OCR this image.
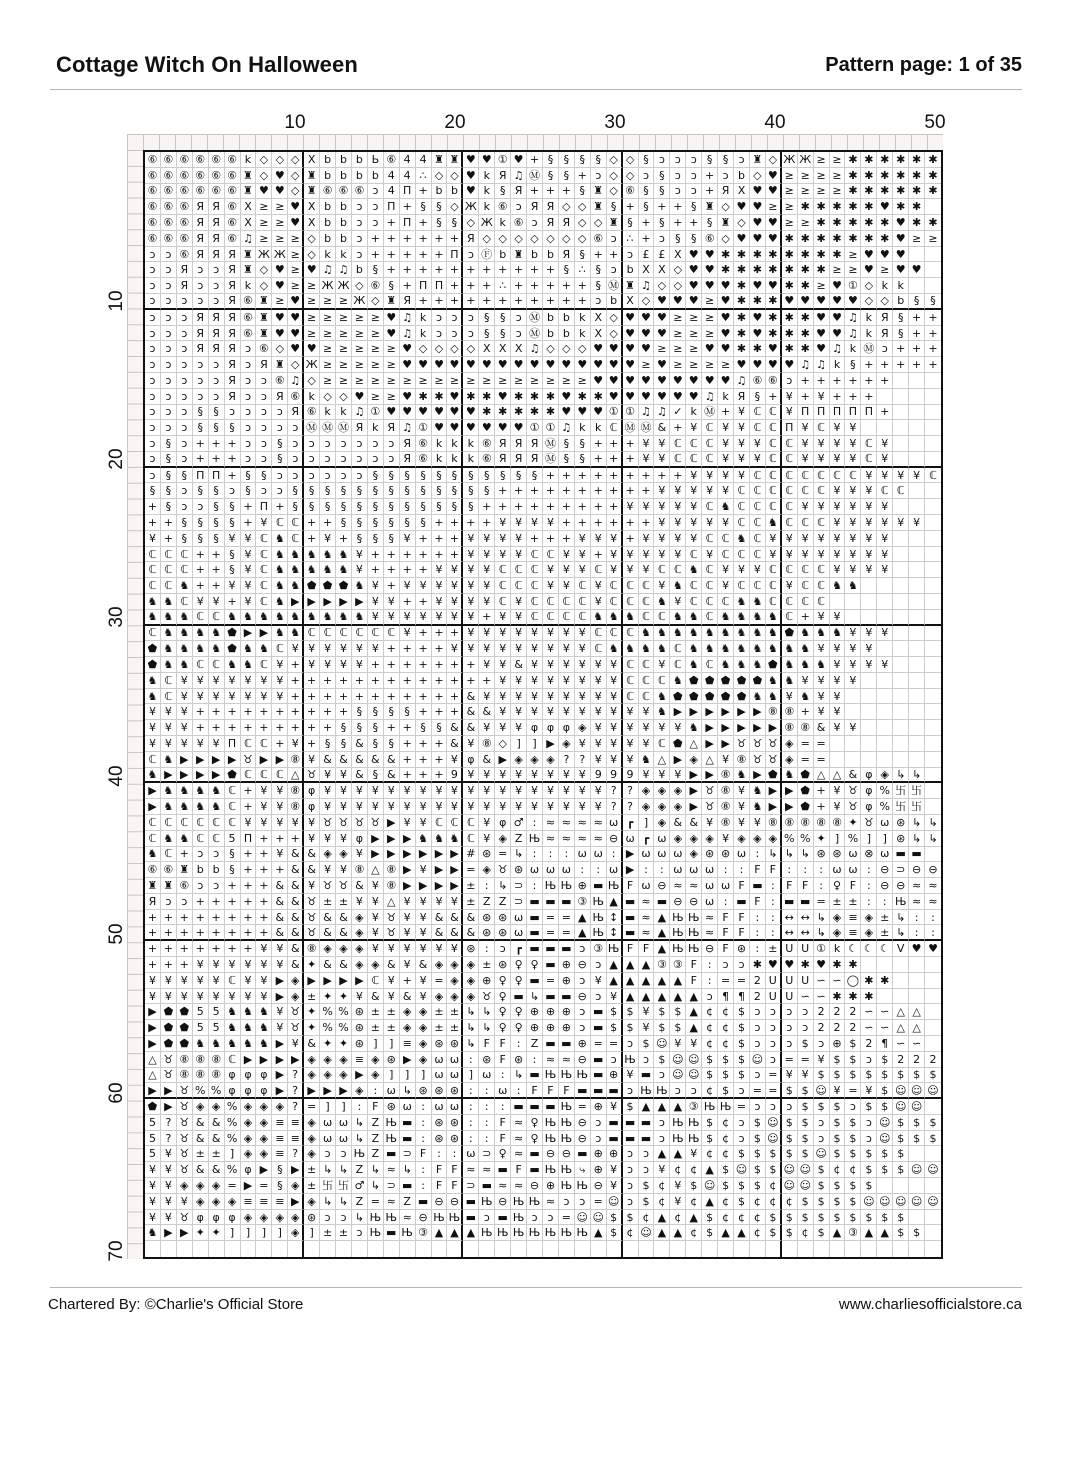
Cottage Witch On Halloween	Pattern page: 1 of 35
10	20	30	40	50
10
20
30
40
50
60
70
⑥ ⑥ ⑥ ⑥ ⑥ ⑥ k ◇ ◇ ◇ X b b b Ь ⑥ 4 4 ♜ ♜ ♥ ♥ ① ♥ + § § § § ◇ ◇ § ↄ ↄ ↄ § § ↄ ♜ ◇ Ж Ж ≥ ≥ ✱ ✱ ✱ ✱ ✱ ✱
⑥ ⑥ ⑥ ⑥ ⑥ ⑥ ♜ ◇ ♥ ◇ ♜ b b b b 4 4 ∴ ◇ ◇ ♥ k Я ♫ Ⓜ § § + ↄ ◇ ◇ ↄ § ↄ ↄ + ↄ b ◇ ♥ ≥ ≥ ≥ ≥ ✱ ✱ ✱ ✱ ✱ ✱
⑥ ⑥ ⑥ ⑥ ⑥ ⑥ ♜ ♥ ♥ ◇ ♜ ⑥ ⑥ ⑥ ↄ 4 Π + b b ♥ k § Я + + + § ♜ ◇ ⑥ § § ↄ ↄ + Я X ♥ ♥ ≥ ≥ ≥ ≥ ✱ ✱ ✱ ✱ ✱ ✱
⑥ ⑥ ⑥ Я Я ⑥ X ≥ ≥ ♥ X b b ↄ ↄ Π + § § ◇ Ж k ⑥ ↄ Я Я ◇ ◇ ♜ § + § + + § ♜ ◇ ♥ ♥ ≥ ≥ ✱ ✱ ✱ ✱ ✱ ♥ ✱ ✱
⑥ ⑥ ⑥ Я Я ⑥ X ≥ ≥ ♥ X b b ↄ ↄ + Π + § § ◇ Ж k ⑥ ↄ Я Я ◇ ◇ ♜ § + § + + § ♜ ◇ ♥ ♥ ≥ ≥ ✱ ✱ ✱ ✱ ✱ ♥ ✱ ✱
⑥ ⑥ ⑥ Я Я ⑥ ♫ ≥ ≥ ≥ ◇ b b ↄ + + + + + + Я ◇ ◇ ◇ ◇ ◇ ◇ ◇ ⑥ ↄ ∴ + ↄ § § ⑥ ◇ ♥ ♥ ♥ ✱ ✱ ✱ ✱ ✱ ✱ ✱ ♥ ≥ ≥
ↄ ↄ ⑥ Я Я Я ♜ Ж Ж ≥ ◇ k k ↄ + + + + + Π ↄ Ⓕ b ♜ b b Я § + + ↄ £ £ X ♥ ♥ ✱ ✱ ✱ ✱ ✱ ✱ ✱ ✱ ≥ ♥ ♥ ♥
ↄ ↄ Я ↄ ↄ Я ♜ ◇ ♥ ≥ ♥ ♫ ♫ b § + + + + + + + + + + + § ∴ § ↄ b X X ◇ ♥ ♥ ✱ ✱ ✱ ✱ ✱ ✱ ✱ ≥ ≥ ♥ ≥ ♥ ♥
ↄ ↄ Я ↄ ↄ Я k ◇ ♥ ≥ ≥ Ж Ж ◇ ⑥ § + Π Π + + + ∴ + + + + + § Ⓜ ♜ ♫ ◇ ◇ ♥ ♥ ♥ ✱ ♥ ♥ ✱ ✱ ≥ ♥ ① ◇ k k
ↄ ↄ ↄ ↄ ↄ Я ⑥ ♜ ≥ ♥ ≥ ≥ ≥ Ж ◇ ♜ Я + + + + + + + + + + + ↄ b X ◇ ♥ ♥ ♥ ≥ ♥ ✱ ✱ ✱ ♥ ♥ ♥ ♥ ♥ ◇ ◇ b § §
ↄ ↄ ↄ Я Я Я ⑥ ♜ ♥ ♥ ≥ ≥ ≥ ≥ ≥ ♥ ♫ k ↄ ↄ ↄ § § ↄ Ⓜ b b k X ◇ ♥ ♥ ♥ ≥ ≥ ≥ ♥ ✱ ♥ ✱ ✱ ✱ ♥ ♥ ♫ k Я § + +
ↄ ↄ ↄ Я Я Я ⑥ ♜ ♥ ♥ ≥ ≥ ≥ ≥ ≥ ♥ ♫ k ↄ ↄ ↄ § § ↄ Ⓜ b b k X ◇ ♥ ♥ ♥ ≥ ≥ ≥ ♥ ✱ ♥ ✱ ✱ ✱ ♥ ♥ ♫ k Я § + +
ↄ ↄ ↄ Я Я Я ↄ ⑥ ◇ ♥ ♥ ≥ ≥ ≥ ≥ ≥ ♥ ◇ ◇ ◇ ◇ X X X ♫ ◇ ◇ ◇ ♥ ♥ ♥ ♥ ≥ ≥ ≥ ♥ ♥ ✱ ✱ ♥ ✱ ✱ ♥ ♫ k Ⓜ ↄ + + +
ↄ ↄ ↄ ↄ ↄ Я ↄ Я ♜ ◇ Ж ≥ ≥ ≥ ≥ ≥ ♥ ♥ ♥ ♥ ♥ ♥ ♥ ♥ ♥ ♥ ♥ ♥ ♥ ♥ ♥ ≥ ♥ ≥ ≥ ≥ ≥ ♥ ♥ ♥ ♥ ♫ ♫ k § + + + + +
ↄ ↄ ↄ ↄ ↄ Я ↄ ↄ ⑥ ♫ ◇ ≥ ≥ ≥ ≥ ≥ ≥ ≥ ≥ ≥ ≥ ≥ ≥ ≥ ≥ ≥ ≥ ≥ ♥ ♥ ♥ ♥ ♥ ♥ ♥ ♥ ♥ ♫ ⑥ ⑥ ↄ + + + + + +
ↄ ↄ ↄ ↄ ↄ Я ↄ ↄ Я ⑥ k ◇ ◇ ♥ ≥ ≥ ♥ ✱ ✱ ♥ ✱ ✱ ♥ ✱ ✱ ✱ ♥ ✱ ✱ ♥ ♥ ♥ ♥ ♥ ♥ ♫ k Я § + ¥ + ¥ + + +
ↄ ↄ ↄ § § ↄ ↄ ↄ ↄ Я ⑥ k k ♫ ① ♥ ♥ ♥ ♥ ♥ ♥ ✱ ✱ ✱ ✱ ✱ ♥ ♥ ♥ ① ① ♫ ♫ ✓ k Ⓜ + ¥ ℂ ℂ ¥ Π Π Π Π Π +
ↄ ↄ ↄ § § § ↄ ↄ ↄ ↄ Ⓜ Ⓜ Ⓜ Я k Я ♫ ① ♥ ♥ ♥ ♥ ♥ ♥ ① ① ♫ k k ℂ Ⓜ Ⓜ & + ¥ ℂ ¥ ¥ ℂ ℂ Π ¥ ℂ ¥ ¥
ↄ § ↄ + + + ↄ ↄ § ↄ ↄ ↄ ↄ ↄ ↄ ↄ Я ⑥ k k k ⑥ Я Я Я Ⓜ § § + + + ¥ ¥ ℂ ℂ ℂ ¥ ¥ ¥ ℂ ℂ ¥ ¥ ¥ ¥ ℂ ¥
ↄ § ↄ + + + ↄ ↄ § ↄ ↄ ↄ ↄ ↄ ↄ ↄ Я ⑥ k k k ⑥ Я Я Я Ⓜ § § + + + ¥ ¥ ℂ ℂ ℂ ¥ ¥ ¥ ℂ ℂ ¥ ¥ ¥ ¥ ℂ ¥
ↄ § § Π Π + § § ↄ ↄ ↄ ↄ ↄ ↄ § § § § § § § § § § § + + + + + + + + + ¥ ¥ ¥ ¥ ℂ ℂ ℂ ℂ ℂ ℂ ℂ ¥ ¥ ¥ ¥ ℂ
§ § ↄ § § ↄ § ↄ ↄ § § § § § § § § § § § § § + + + + + + + + + + ¥ ¥ ¥ ¥ ¥ ℂ ℂ ℂ ℂ ℂ ℂ ¥ ¥ ¥ ℂ ℂ
+ § ↄ ↄ § § + Π + § § § § § § § § § § § § + + + + + + + + + ¥ ¥ ¥ ¥ ¥ ℂ ♞ ℂ ℂ ℂ ℂ ¥ ¥ ¥ ¥ ¥ ¥
+ + § § § § + ¥ ℂ ℂ + + § § § § § § + + + + ¥ ¥ ¥ ¥ + + + + + + ¥ ¥ ¥ ¥ ¥ ℂ ℂ ♞ ℂ ℂ ℂ ¥ ¥ ¥ ¥ ¥ ¥
¥ + § § § ¥ ¥ ℂ ♞ ℂ + ¥ + § § § ¥ + + + ¥ ¥ ¥ ¥ + + + ¥ ¥ ¥ + ¥ ¥ ¥ ¥ ℂ ℂ ♞ ℂ ¥ ¥ ¥ ¥ ¥ ¥ ¥ ¥
ℂ ℂ ℂ + + § ¥ ℂ ♞ ♞ ♞ ♞ ♞ ¥ + + + + + + ¥ ¥ ¥ ¥ ℂ ℂ ¥ ¥ + ¥ ¥ ¥ ¥ ¥ ℂ ¥ ℂ ℂ ℂ ¥ ¥ ¥ ¥ ¥ ¥ ¥ ¥
ℂ ℂ ℂ + + § ¥ ℂ ♞ ♞ ♞ ♞ ♞ ¥ + + + + ¥ ¥ ¥ ¥ ℂ ℂ ℂ ¥ ¥ ¥ ℂ ¥ ¥ ¥ ℂ ℂ ♞ ℂ ¥ ¥ ¥ ℂ ℂ ℂ ℂ ¥ ¥ ¥ ¥
ℂ ℂ ♞ + + ¥ ¥ ℂ ♞ ♞ ⬟ ⬟ ⬟ ♞ ¥ + ¥ ¥ ¥ ¥ ¥ ¥ ℂ ℂ ℂ ¥ ¥ ℂ ¥ ℂ ℂ ℂ ¥ ♞ ℂ ℂ ¥ ℂ ℂ ℂ ¥ ℂ ℂ ♞ ♞
♞ ♞ ℂ ¥ ¥ + ¥ ℂ ♞ ▶ ▶ ▶ ▶ ▶ ¥ ¥ + + ¥ ¥ ¥ ¥ ℂ ¥ ℂ ℂ ℂ ℂ ¥ ℂ ℂ ℂ ♞ ¥ ℂ ℂ ℂ ♞ ♞ ℂ ℂ ℂ ℂ
♞ ♞ ♞ ℂ ℂ ♞ ♞ ♞ ♞ ♞ ♞ ♞ ♞ ♞ ¥ ¥ ¥ ¥ ¥ ¥ ¥ + ¥ ¥ ℂ ℂ ℂ ℂ ♞ ♞ ♞ ℂ ℂ ♞ ♞ ℂ ♞ ♞ ♞ ♞ ℂ + ¥ ¥
ℂ ♞ ♞ ♞ ♞ ⬟ ▶ ▶ ♞ ♞ ℂ ℂ ℂ ℂ ℂ ℂ ¥ + + + ¥ ¥ ¥ ¥ ¥ ¥ ¥ ¥ ℂ ℂ ℂ ♞ ♞ ♞ ♞ ♞ ♞ ♞ ♞ ♞ ⬟ ♞ ♞ ♞ ¥ ¥ ¥
⬟ ♞ ♞ ♞ ♞ ⬟ ♞ ♞ ℂ ¥ ¥ ¥ ¥ ¥ ¥ + + + + ¥ ¥ ¥ ¥ ¥ ¥ ¥ ¥ ¥ ℂ ♞ ♞ ♞ ♞ ℂ ♞ ♞ ♞ ♞ ♞ ♞ ♞ ♞ ¥ ¥ ¥ ¥
⬟ ♞ ♞ ℂ ℂ ♞ ♞ ℂ ¥ + ¥ ¥ ¥ ¥ + + + + + + + ¥ ¥ & ¥ ¥ ¥ ¥ ¥ ¥ ℂ ℂ ¥ ℂ ♞ ℂ ♞ ♞ ♞ ⬟ ♞ ♞ ♞ ¥ ¥ ¥ ¥
♞ ℂ ¥ ¥ ¥ ¥ ¥ ¥ ¥ + + + + + + + + + + + + + ¥ ¥ ¥ ¥ ¥ ¥ ¥ ¥ ℂ ℂ ℂ ♞ ⬟ ⬟ ⬟ ⬟ ⬟ ♞ ♞ ¥ ¥ ¥ ¥
♞ ℂ ¥ ¥ ¥ ¥ ¥ ¥ ¥ + + + + + + + + + + + & ¥ ¥ ¥ ¥ ¥ ¥ ¥ ¥ ¥ ℂ ℂ ♞ ⬟ ⬟ ⬟ ⬟ ⬟ ♞ ♞ ¥ ♞ ¥ ¥
¥ ¥ ¥ + + + + + + + + + + § § § § + + + & & ¥ ¥ ¥ ¥ ¥ ¥ ¥ ¥ ¥ ¥ ♞ ▶ ▶ ▶ ▶ ▶ ▶ ⑧ ⑧ + ¥ ¥
¥ ¥ ¥ + + + + + + + + + § § § + + § § & & ¥ ¥ ¥ φ φ φ ◈ ¥ ¥ ¥ ¥ ¥ ¥ ♞ ▶ ▶ ▶ ▶ ▶ ⑧ ⑧ & ¥ ¥
¥ ¥ ¥ ¥ ¥ Π ℂ ℂ + ¥ + § § & § § + + + & ¥ ⑧ ◇ ]	] ▶ ◈ ¥ ¥ ¥ ¥ ¥ ℂ ⬟ △ ▶ ▶ ♉ ♉ ♉ ◈ = =
ℂ ♞ ▶ ▶ ▶ ▶ ♉ ▶ ▶ ⑧ ¥ & & & & & + + + ¥ φ & ▶ ◈ ◈ ◈ ? ? ¥ ¥ ¥ ♞ △ ▶ ◈ △ ¥ ⑧ ♉ ♉ ◈ = =
♞ ▶ ▶ ▶ ▶ ⬟ ℂ ℂ ℂ △ ♉ ¥ ¥ & § & + + + 9 ¥ ¥ ¥ ¥ ¥ ¥ ¥ ¥ 9 9 9 ¥ ¥ ¥ ▶ ▶ ⑧ ♞ ▶ ⬟ ♞ ⬟ △ △ & φ ◈ ↳ ↳
▶ ♞ ♞ ♞ ♞ ℂ + ¥ ¥ ⑧ φ ¥ ¥ ¥ ¥ ¥ ¥ ¥ ¥ ¥ ¥ ¥ ¥ ¥ ¥ ¥ ¥ ¥ ¥ ? ? ◈ ◈ ◈ ▶ ♉ ⑧ ¥ ♞ ▶ ▶ ⬟ + ¥ ♉ φ % 卐 卐
▶ ♞ ♞ ♞ ♞ ℂ + ¥ ¥ ⑧ φ ¥ ¥ ¥ ¥ ¥ ¥ ¥ ¥ ¥ ¥ ¥ ¥ ¥ ¥ ¥ ¥ ¥ ¥ ? ? ◈ ◈ ◈ ▶ ♉ ⑧ ¥ ♞ ▶ ▶ ⬟ + ¥ ♉ φ % 卐 卐
ℂ ℂ ℂ ℂ ℂ ℂ ¥ ¥ ¥ ¥ ¥ ♉ ♉ ♉ ♉ ▶ ¥ ¥ ℂ ℂ ℂ ¥ φ ♂ : ≈ ≈ ≈ ≈ ω ┏ ] ◈ & & ¥ ⑧ ¥ ¥ ⑧ ⑧ ⑧ ⑧ ⑧ ✦ ♉ ω ⊛ ↳ ↳
ℂ ♞ ♞ ℂ ℂ 5 Π + + + ¥ ¥ ¥ φ ▶ ▶ ▶ ♞ ♞ ♞ ℂ ¥ ◈ Z Њ ≈ ≈ ≈ ≈ ⊖ ω ┏ ω ◈ ◈ ◈ ¥ ◈ ◈ ◈ % % ✦ ] % ]	] ⊛ ↳ ↳
♞ ℂ + ↄ ↄ § + + ¥ & & ◈ ◈ ¥ ▶ ▶ ▶ ▶ ▶ ▶ # ⊛ = ↳ :	:	: ω ω : ▶ ω ω ω ◈ ⊛ ⊛ ω : ↳ ↳ ↳ ⊛ ⊛ ω ⊗ ω ▬ ▬
⑥ ⑥ ♜ b b § + + + & & ¥ ¥ ⑧ △ ⑧ ▶ ¥ ▶ ▶ = ◈ ♉ ⊛ ω ω ω :	: ω ▶ :	: ω ω ω :	: F F	:	:	: ω ω : ⊖ ⊃ ⊖ ⊖
♜ ♜ ⑥ ↄ ↄ + + + & & ¥ ♉ ♉ & ¥ ⑧ ▶ ▶ ▶ ▶ ± : ↳ ⊃ : Њ Њ ⊕ ▬ Њ F ω ⊖ ≈ ≈ ω ω F ▬ :	F F : ♀ F : ⊖ ⊖ ≈ ≈
Я ↄ ↄ + + + + + & & ♉ ± ± ¥ ¥ △ ¥ ¥ ¥ ¥ ± Z Z ⊃ ▬ ▬ ▬ ③ Њ ▲ ▬ ≈ ▬ ⊖ ⊖ ω : ▬ F : ▬ ▬ = ± ± :	: Њ ≈ ≈
+ + + + + + + + & & ♉ & & ◈ ¥ ♉ ¥ ¥ & & & ⊛ ⊛ ω ▬ = = ▲ Њ ↕ ▬ ≈ ▲ Њ Њ ≈ F F :	: ↔ ↔ ↳ ◈ ≡ ◈ ± ↳ :	:
+ + + + + + + + & & ♉ & & ◈ ¥ ♉ ¥ ¥ & & & ⊛ ⊛ ω ▬ = = ▲ Њ ↕ ▬ ≈ ▲ Њ Њ ≈ F F :	: ↔ ↔ ↳ ◈ ≡ ◈ ± ↳ :	:
+ + + + + + + ¥ ¥ & ⑧ ◈ ◈ ◈ ¥ ¥ ¥ ¥ ¥ ¥ ⊛ :	ↄ ┏ ▬ ▬ ▬ ↄ ③ Њ F F ▲ Њ Њ ⊖ F ⊛ : ± U U ① k ☾ ☾ ☾ V ♥ ♥
+ + + ¥ ¥ ¥ ¥ ¥ ¥ & ✦ & & ◈ ◈ & ¥ & ◈ ◈ ◈ ± ⊛ ♀ ♀ ▬ ⊕ ⊖ ↄ ▲ ▲ ▲ ③ ③ F :	ↄ ↄ ✱ ♥ ♥ ✱ ♥ ✱ ✱
¥ ¥ ¥ ¥ ¥ ℂ ¥ ¥ ▶ ◈ ▶ ▶ ▶ ▶ ℂ ¥ + ¥ = ◈ ◈ ⊕ ♀ ♀ ▬ = ⊕ ↄ ¥ ▲ ▲ ▲ ▲ ▲ F : = = 2 U U U ∽ ∽ ◯ ✱ ✱
¥ ¥ ¥ ¥ ¥ ¥ ¥ ¥ ▶ ◈ ± ✦ ✦ ¥ & ¥ & ¥ ◈ ◈ ◈ ♉ ♀ ▬ ↳ ▬ ▬ ⊖ ↄ ¥ ▲ ▲ ▲ ▲ ▲ ↄ ¶ ¶ 2 U U ∽ ∽ ✱ ✱ ✱
▶ ⬟ ⬟ 5 5 ♞ ♞ ♞ ¥ ♉ ✦ % % ⊛ ± ± ◈ ◈ ± ± ↳ ↳ ♀ ♀ ⊕ ⊕ ⊕ ↄ ▬ $ $ ¥ $ $ ▲ ¢ ¢ $ ↄ ↄ ↄ ↄ 2 2 2 ∽ ∽ △ △
▶ ⬟ ⬟ 5 5 ♞ ♞ ♞ ¥ ♉ ✦ % % ⊛ ± ± ◈ ◈ ± ± ↳ ↳ ♀ ♀ ⊕ ⊕ ⊕ ↄ ▬ $ $ ¥ $ $ ▲ ¢ ¢ $ ↄ ↄ ↄ ↄ 2 2 2 ∽ ∽ △ △
▶ ⬟ ⬟ ♞ ♞ ♞ ♞ ♞ ▶ ¥ & ✦ ✦ ⊛ ]	] ≡ ◈ ⊛ ⊛ ↳ F F : Z ▬ ▬ ⊕ = = ↄ $ ☺ ¥ ¥ ¢ ¢ $ ↄ ↄ ↄ $ ↄ ⊕ $ 2 ¶ ∽ ∽
△ ♉ ⑧ ⑧ ⑧ ℂ ▶ ▶ ▶ ▶ ◈ ◈ ◈ ≡ ◈ ⊛ ▶ ◈ ω ω : ⊛ F ⊛ : ≈ ≈ ⊖ ▬ ↄ Њ ↄ $ ☺ ☺ $ $ $ ☺ ↄ = = ¥ $ $ ↄ $ 2 2 2
△ ♉ ⑧ ⑧ ⑧ φ φ φ ▶ ? ◈ ◈ ◈ ▶ ◈ ]	]	] ω ω ] ω : ↳ ▬ Њ Њ Њ ▬ ⊕ ¥ ▬ ↄ ☺ ☺ $ $ $ ↄ = ¥ ¥ $ $ $ $ $ $ $ $
▶ ▶ ♉ % % φ φ φ ▶ ? ▶ ▶ ▶ ◈ : ω ↳ ⊛ ⊛ ⊛ :	: ω : F F F ▬ ▬ ▬ ↄ Њ Њ ↄ ↄ ¢ $ ↄ = = $ $ ☺ ¥ = ¥ $ ☺ ☺ ☺
⬟ ▶ ♉ ◈ ◈ % ◈ ◈ ◈ ? = ]	]	: F ⊛ ω : ω ω :	:	: ▬ ▬ ▬ Њ = ⊕ ¥ $ ▲ ▲ ▲ ③ Њ Њ = ↄ ↄ ↄ $ $ $ ↄ $ $ ☺ ☺
5 ? ♉ & & % ◈ ◈ ≡ ≡ ◈ ω ω ↳ Z Њ ▬ : ⊛ ⊛ :	: F ≈ ♀ Њ Њ ⊖ ↄ ▬ ▬ ▬ ↄ Њ Њ $ ¢ ↄ $ ☺ $ $ ↄ $ $ ↄ ☺ $ $ $
5 ? ♉ & & % ◈ ◈ ≡ ≡ ◈ ω ω ↳ Z Њ ▬ : ⊛ ⊛ :	: F ≈ ♀ Њ Њ ⊖ ↄ ▬ ▬ ▬ ↄ Њ Њ $ ¢ ↄ $ ☺ $ $ ↄ $ $ ↄ ☺ $ $ $
5 ¥ ♉ ± ± ] ◈ ◈ ≡ ? ◈ ↄ ↄ Њ Z ▬ ⊃ F :	: ω ⊃ ♀ ≈ ▬ ⊖ ⊖ ▬ ⊕ ⊕ ↄ ↄ ▲ ▲ ¥ ¢ ¢ $ $ $ $ $ ☺ $ $ $ $ $
¥ ¥ ♉ & & % φ ▶ § ▶ ± ↳ ↳ Z ↳ ≈ ↳ : F F ≈ ≈ ▬ F ▬ Њ Њ ⤷ ⊕ ¥ ↄ ↄ ¥ ¢ ¢ ▲ $ ☺ $ $ ☺ ☺ $ ¢ ¢ $ $ $ ☺ ☺
¥ ¥ ◈ ◈ ◈ = ▶ = § ◈ ± 卐 卐 ♂ ↳ ⊃ ▬ : F F ⊃ ▬ ≈ ≈ ⊖ ⊕ Њ Њ ⊖ ¥ ↄ $ ¢ ¥ $ ☺ $ $ $ ¢ ☺ ☺ $ $ $ $
¥ ¥ ¥ ◈ ◈ ◈ ≡ ≡ ≡ ▶ ◈ ↳ ↳ Z = ≈ Z ▬ ⊖ ⊖ ▬ Њ ⊖ Њ Њ ≈ ↄ ↄ = ☺ ↄ $ ¢ ¥ ¢ ▲ ¢ $ ¢ ¢ ¢ $ $ $ $ ☺ ☺ ☺ ☺ ☺
¥ ¥ ♉ φ φ φ ◈ ◈ ◈ ◈ ⊛ ↄ ↄ ↳ Њ Њ ≈ ⊖ Њ Њ ▬ ↄ ▬ Њ ↄ ↄ = ☺ ☺ $ $ ¢ ▲ ¢ ▲ $ ¢ ¢ ¢ $ $ $ $ $ $ $ $ $
♞ ▶ ▶ ✦ ✦ ]	]	]	] ◈ ] ± ± ↄ Њ ▬ Њ ③ ▲ ▲ ▲ Њ Њ Њ Њ Њ Њ Њ ▲ $ ¢ ☺ ▲ ▲ ¢ $ ▲ ▲ ¢ $ $ ¢ $ ▲ ③ ▲ ▲ $ $
Chartered By: ©Charlie's Official Store	www.charliesofficialstore.ca
